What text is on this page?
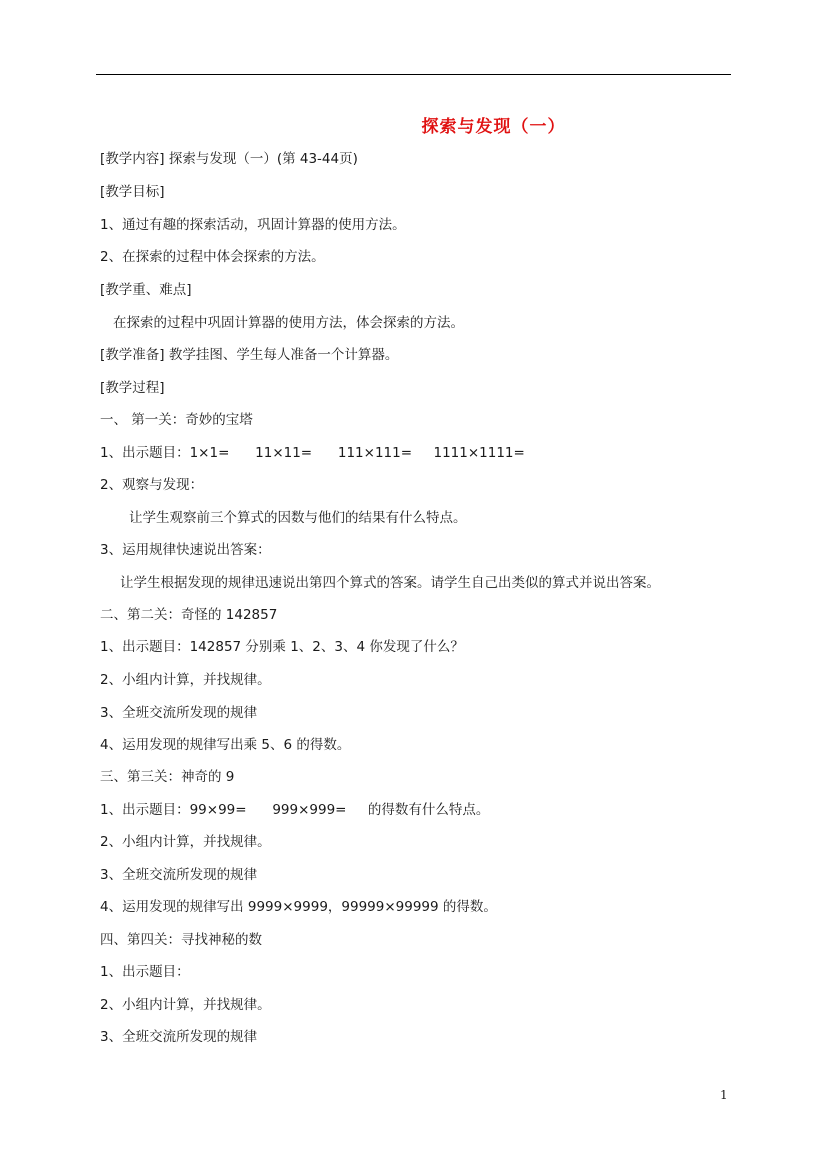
探索与发现（一）
[教学内容] 探索与发现（一）(第 43-44页)
[教学目标]
1、通过有趣的探索活动，巩固计算器的使用方法。
2、在探索的过程中体会探索的方法。
[教学重、难点]
在探索的过程中巩固计算器的使用方法，体会探索的方法。
[教学准备] 教学挂图、学生每人准备一个计算器。
[教学过程]
一、 第一关：奇妙的宝塔
1、出示题目：1×1=      11×11=      111×111=     1111×1111=
2、观察与发现：
让学生观察前三个算式的因数与他们的结果有什么特点。
3、运用规律快速说出答案：
让学生根据发现的规律迅速说出第四个算式的答案。请学生自己出类似的算式并说出答案。
二、第二关：奇怪的 142857
1、出示题目：142857 分别乘 1、2、3、4 你发现了什么？
2、小组内计算，并找规律。
3、全班交流所发现的规律
4、运用发现的规律写出乘 5、6 的得数。
三、第三关：神奇的 9
1、出示题目：99×99=      999×999=     的得数有什么特点。
2、小组内计算，并找规律。
3、全班交流所发现的规律
4、运用发现的规律写出 9999×9999，99999×99999 的得数。
四、第四关：寻找神秘的数
1、出示题目：
2、小组内计算，并找规律。
3、全班交流所发现的规律
1
